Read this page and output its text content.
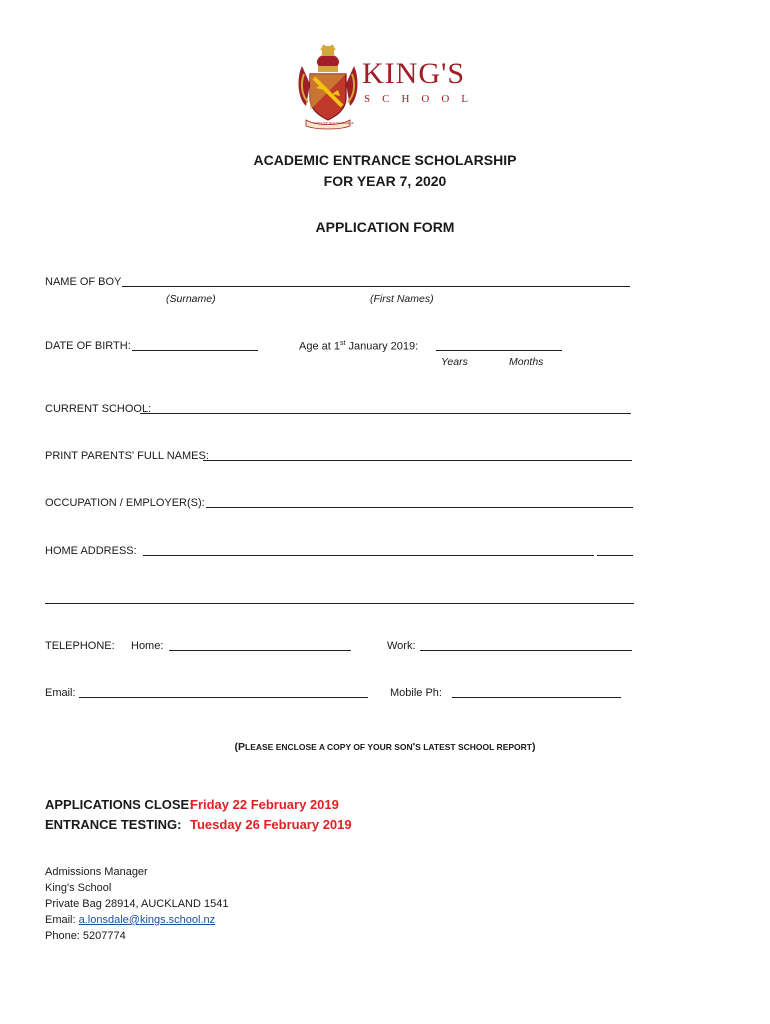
VIRTUTE DOCTRINAQUE
KING'S
SCHOOL
ACADEMIC ENTRANCE SCHOLARSHIP
FOR YEAR 7, 2020
APPLICATION FORM
NAME OF BOY
(Surname)	(First Names)
DATE OF BIRTH:	Age at 1st January 2019:
Years	Months
CURRENT SCHOOL:
PRINT PARENTS' FULL NAMES:
OCCUPATION / EMPLOYER(S):
HOME ADDRESS:
TELEPHONE: Home:	Work:
Email:	Mobile Ph:
(PLEASE ENCLOSE A COPY OF YOUR SON'S LATEST SCHOOL REPORT)
APPLICATIONS CLOSE:
Friday 22 February 2019
ENTRANCE TESTING: Tuesday 26 February 2019
Admissions Manager
King's School
Private Bag 28914, AUCKLAND 1541
Email: a.lonsdale@kings.school.nz
Phone: 5207774
